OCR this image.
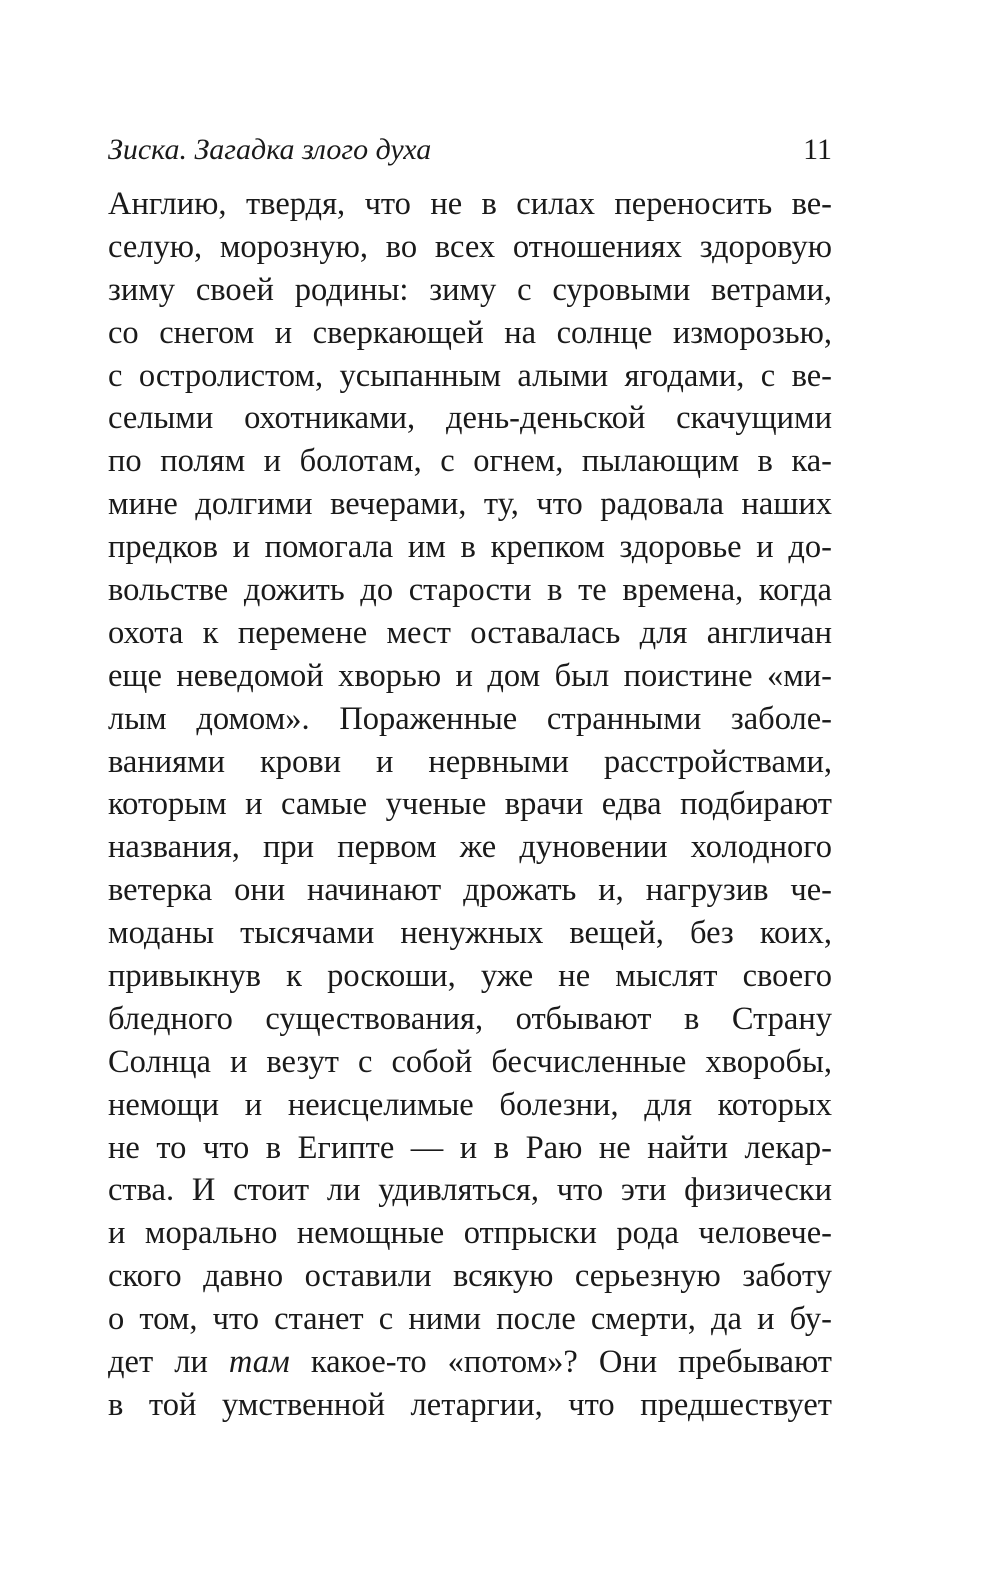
Зиска. Загадка злого духа	11
Англию, твердя, что не в силах переносить ве-
селую, морозную, во всех отношениях здоровую
зиму своей родины: зиму с суровыми ветрами,
со снегом и сверкающей на солнце изморозью,
с остролистом, усыпанным алыми ягодами, с ве-
селыми охотниками, день-деньской скачущими
по полям и болотам, с огнем, пылающим в ка-
мине долгими вечерами, ту, что радовала наших
предков и помогала им в крепком здоровье и до-
вольстве дожить до старости в те времена, когда
охота к перемене мест оставалась для англичан
еще неведомой хворью и дом был поистине «ми-
лым домом». Пораженные странными заболе-
ваниями крови и нервными расстройствами,
которым и самые ученые врачи едва подбирают
названия, при первом же дуновении холодного
ветерка они начинают дрожать и, нагрузив че-
моданы тысячами ненужных вещей, без коих,
привыкнув к роскоши, уже не мыслят своего
бледного существования, отбывают в Страну
Солнца и везут с собой бесчисленные хворобы,
немощи и неисцелимые болезни, для которых
не то что в Египте — и в Раю не найти лекар-
ства. И стоит ли удивляться, что эти физически
и морально немощные отпрыски рода человече-
ского давно оставили всякую серьезную заботу
о том, что станет с ними после смерти, да и бу-
дет ли там какое-то «потом»? Они пребывают
в той умственной летаргии, что предшествует
